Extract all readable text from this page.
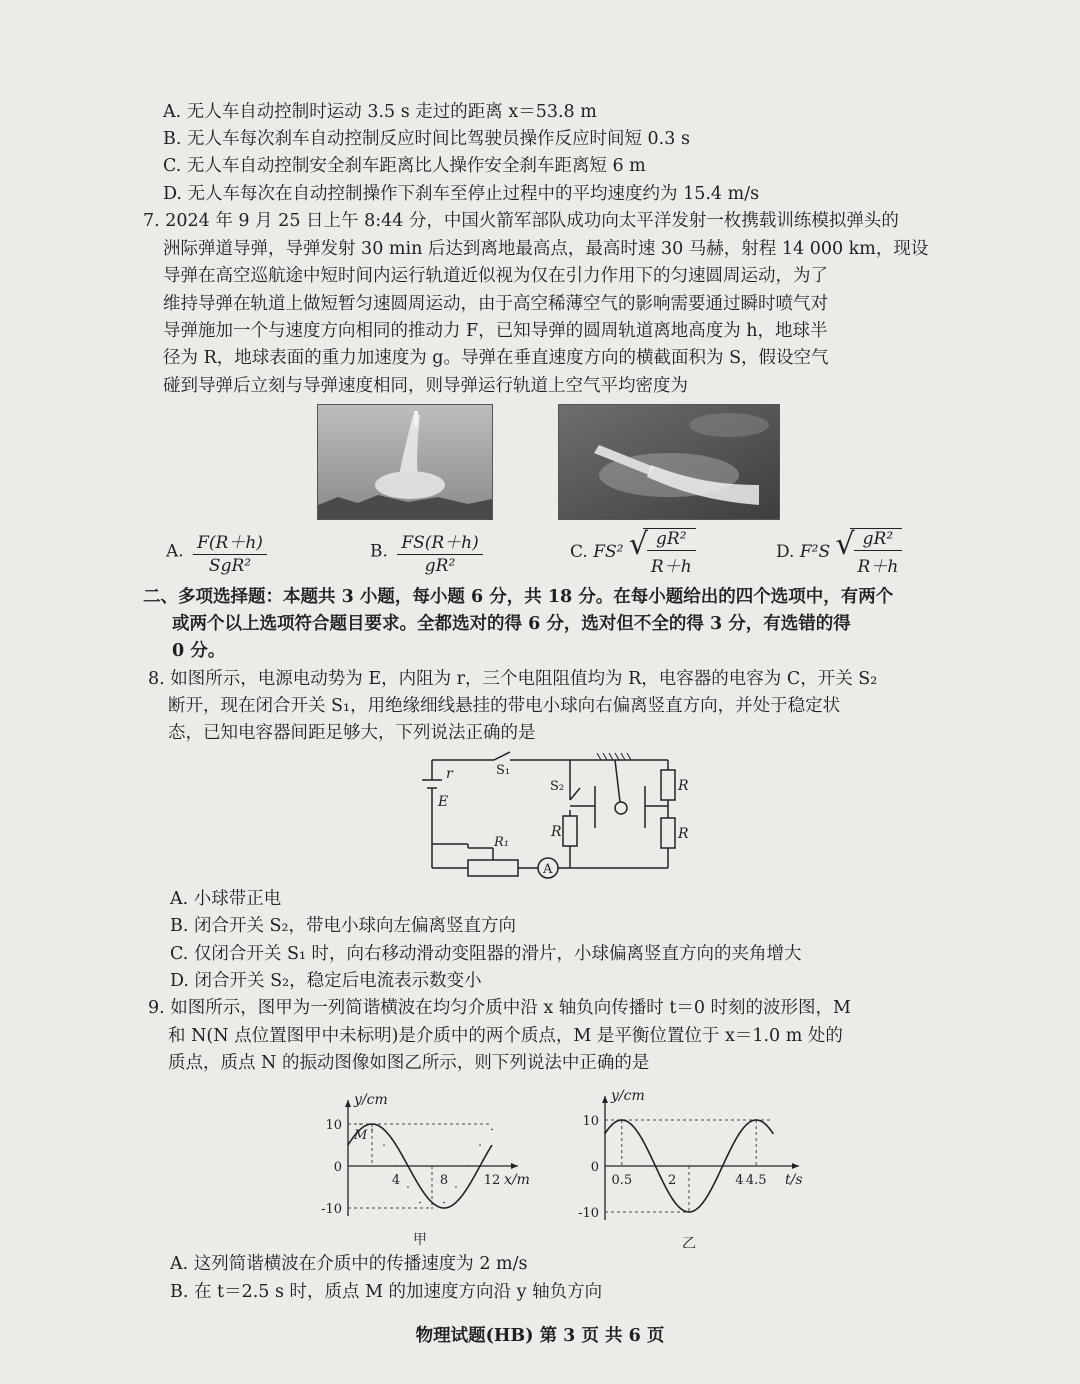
A. 无人车自动控制时运动 3.5 s 走过的距离 x＝53.8 m
B. 无人车每次刹车自动控制反应时间比驾驶员操作反应时间短 0.3 s
C. 无人车自动控制安全刹车距离比人操作安全刹车距离短 6 m
D. 无人车每次在自动控制操作下刹车至停止过程中的平均速度约为 15.4 m/s
7. 2024 年 9 月 25 日上午 8:44 分，中国火箭军部队成功向太平洋发射一枚携载训练模拟弹头的
洲际弹道导弹，导弹发射 30 min 后达到离地最高点，最高时速 30 马赫，射程 14 000 km，现设
导弹在高空巡航途中短时间内运行轨道近似视为仅在引力作用下的匀速圆周运动，为了
维持导弹在轨道上做短暂匀速圆周运动，由于高空稀薄空气的影响需要通过瞬时喷气对
导弹施加一个与速度方向相同的推动力 F，已知导弹的圆周轨道离地高度为 h，地球半
径为 R，地球表面的重力加速度为 g。导弹在垂直速度方向的横截面积为 S，假设空气
碰到导弹后立刻与导弹速度相同，则导弹运行轨道上空气平均密度为
A. $\frac{F(R+h)}{\text{SgR²}}$	B. $\frac{FS(R+h)}{\text{gR²}}$	C. FS² √
$\frac{\text{gR²}}{R+h}$	D. F²S √
$\frac{\text{gR²}}{R+h}$
二、多项选择题：本题共 3 小题，每小题 6 分，共 18 分。在每小题给出的四个选项中，有两个
或两个以上选项符合题目要求。全都选对的得 6 分，选对但不全的得 3 分，有选错的得
0 分。
8. 如图所示，电源电动势为 E，内阻为 r，三个电阻阻值均为 R，电容器的电容为 C，开关 S₂
断开，现在闭合开关 S₁，用绝缘细线悬挂的带电小球向右偏离竖直方向，并处于稳定状
态，已知电容器间距足够大，下列说法正确的是
r
E
S₁
S₂
R₁
A
R
R
R
A. 小球带正电
B. 闭合开关 S₂，带电小球向左偏离竖直方向
C. 仅闭合开关 S₁ 时，向右移动滑动变阻器的滑片，小球偏离竖直方向的夹角增大
D. 闭合开关 S₂，稳定后电流表示数变小
9. 如图所示，图甲为一列简谐横波在均匀介质中沿 x 轴负向传播时 t＝0 时刻的波形图，M
和 N(N 点位置图甲中未标明)是介质中的两个质点，M 是平衡位置位于 x＝1.0 m 处的
质点，质点 N 的振动图像如图乙所示，则下列说法中正确的是
y/cm
x/m
10
0
-10
4	8	12
M
甲
y/cm
t/s
10
0
-10
0.5	2	4 4.5
乙
A. 这列简谐横波在介质中的传播速度为 2 m/s
B. 在 t＝2.5 s 时，质点 M 的加速度方向沿 y 轴负方向
物理试题(HB) 第 3 页 共 6 页
